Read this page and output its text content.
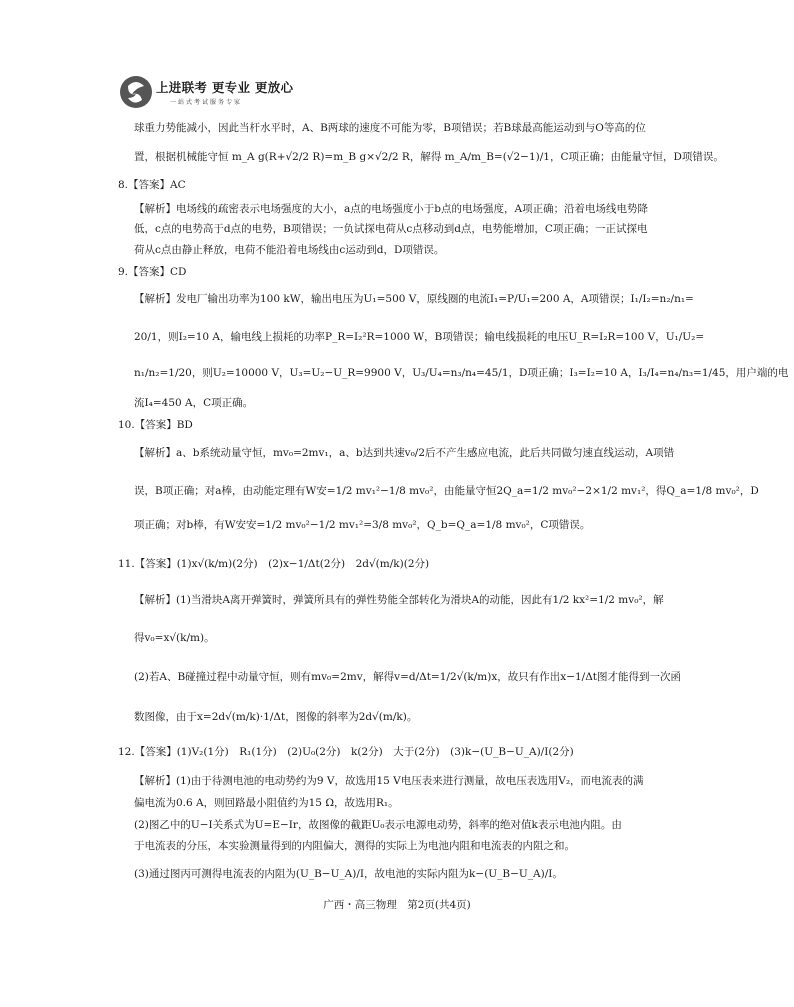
上进联考 更专业 更放心
一站式考试服务专家
球重力势能减小，因此当杆水平时，A、B两球的速度不可能为零，B项错误；若B球最高能运动到与O等高的位
置，根据机械能守恒 m_A g(R+√2/2 R)=m_B g×√2/2 R，解得 m_A/m_B=(√2−1)/1，C项正确；由能量守恒，D项错误。
8.【答案】AC
【解析】电场线的疏密表示电场强度的大小，a点的电场强度小于b点的电场强度，A项正确；沿着电场线电势降
低，c点的电势高于d点的电势，B项错误；一负试探电荷从c点移动到d点，电势能增加，C项正确；一正试探电
荷从c点由静止释放，电荷不能沿着电场线由c运动到d，D项错误。
9.【答案】CD
【解析】发电厂输出功率为100 kW，输出电压为U₁=500 V，原线圈的电流I₁=P/U₁=200 A，A项错误；I₁/I₂=n₂/n₁=
20/1，则I₂=10 A，输电线上损耗的功率P_R=I₂²R=1000 W，B项错误；输电线损耗的电压U_R=I₂R=100 V，U₁/U₂=
n₁/n₂=1/20，则U₂=10000 V，U₃=U₂−U_R=9900 V，U₃/U₄=n₃/n₄=45/1，D项正确；I₃=I₂=10 A，I₃/I₄=n₄/n₃=1/45，用户端的电
流I₄=450 A，C项正确。
10.【答案】BD
【解析】a、b系统动量守恒，mv₀=2mv₁，a、b达到共速v₀/2后不产生感应电流，此后共同做匀速直线运动，A项错
误，B项正确；对a棒，由动能定理有W安=1/2 mv₁²−1/8 mv₀²，由能量守恒2Q_a=1/2 mv₀²−2×1/2 mv₁²，得Q_a=1/8 mv₀²，D
项正确；对b棒，有W安安=1/2 mv₀²−1/2 mv₁²=3/8 mv₀²，Q_b=Q_a=1/8 mv₀²，C项错误。
11.【答案】(1)x√(k/m)(2分)　(2)x−1/Δt(2分)　2d√(m/k)(2分)
【解析】(1)当滑块A离开弹簧时，弹簧所具有的弹性势能全部转化为滑块A的动能，因此有1/2 kx²=1/2 mv₀²，解
得v₀=x√(k/m)。
(2)若A、B碰撞过程中动量守恒，则有mv₀=2mv，解得v=d/Δt=1/2√(k/m)x，故只有作出x−1/Δt图才能得到一次函
数图像，由于x=2d√(m/k)·1/Δt，图像的斜率为2d√(m/k)。
12.【答案】(1)V₂(1分)　R₁(1分)　(2)U₀(2分)　k(2分)　大于(2分)　(3)k−(U_B−U_A)/I(2分)
【解析】(1)由于待测电池的电动势约为9 V，故选用15 V电压表来进行测量，故电压表选用V₂，而电流表的满
偏电流为0.6 A，则回路最小阻值约为15 Ω，故选用R₁。
(2)图乙中的U−I关系式为U=E−Ir，故图像的截距U₀表示电源电动势，斜率的绝对值k表示电池内阻。由
于电流表的分压，本实验测量得到的内阻偏大，测得的实际上为电池内阻和电流表的内阻之和。
(3)通过图丙可测得电流表的内阻为(U_B−U_A)/I，故电池的实际内阻为k−(U_B−U_A)/I。
广西・高三物理　第2页(共4页)
